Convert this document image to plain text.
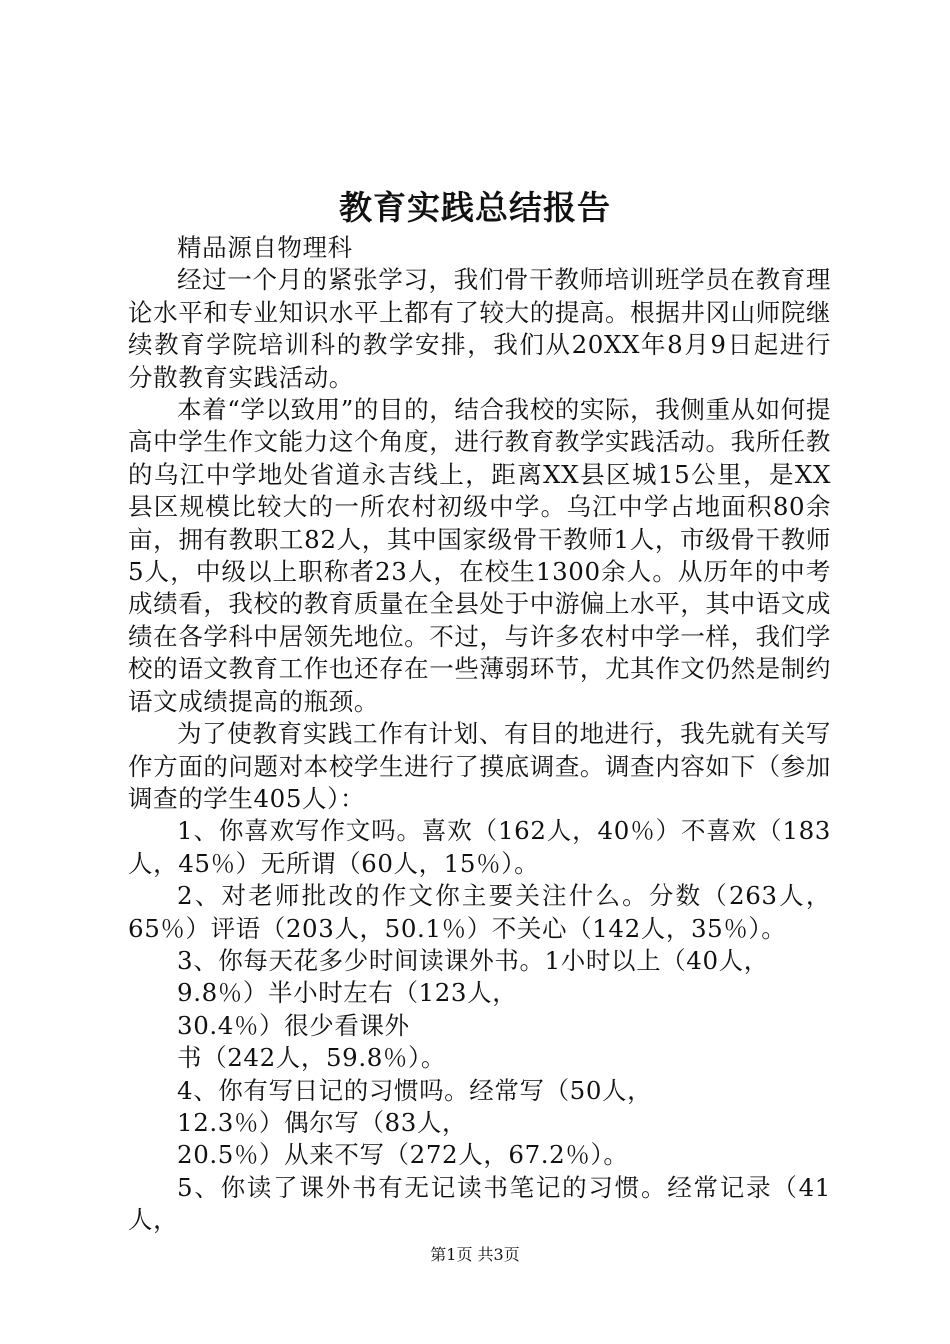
教育实践总结报告

精品源自物理科

经过一个月的紧张学习，我们骨干教师培训班学员在教育理论水平和专业知识水平上都有了较大的提高。根据井冈山师院继续教育学院培训科的教学安排，我们从20XX年8月9日起进行分散教育实践活动。

本着“学以致用”的目的，结合我校的实际，我侧重从如何提高中学生作文能力这个角度，进行教育教学实践活动。我所任教的乌江中学地处省道永吉线上，距离XX县区城15公里，是XX县区规模比较大的一所农村初级中学。乌江中学占地面积80余亩，拥有教职工82人，其中国家级骨干教师1人，市级骨干教师5人，中级以上职称者23人，在校生1300余人。从历年的中考成绩看，我校的教育质量在全县处于中游偏上水平，其中语文成绩在各学科中居领先地位。不过，与许多农村中学一样，我们学校的语文教育工作也还存在一些薄弱环节，尤其作文仍然是制约语文成绩提高的瓶颈。

为了使教育实践工作有计划、有目的地进行，我先就有关写作方面的问题对本校学生进行了摸底调查。调查内容如下（参加调查的学生405人）：

1、你喜欢写作文吗。喜欢（162人，40％）不喜欢（183人，45％）无所谓（60人，15％）。

2、对老师批改的作文你主要关注什么。分数（263人，65％）评语（203人，50.1％）不关心（142人，35％）。

3、你每天花多少时间读课外书。1小时以上（40人，

9.8％）半小时左右（123人，

30.4％）很少看课外

书（242人，59.8％）。

4、你有写日记的习惯吗。经常写（50人，

12.3％）偶尔写（83人，

20.5％）从来不写（272人，67.2％）。

5、你读了课外书有无记读书笔记的习惯。经常记录（41人，

第1页 共3页
